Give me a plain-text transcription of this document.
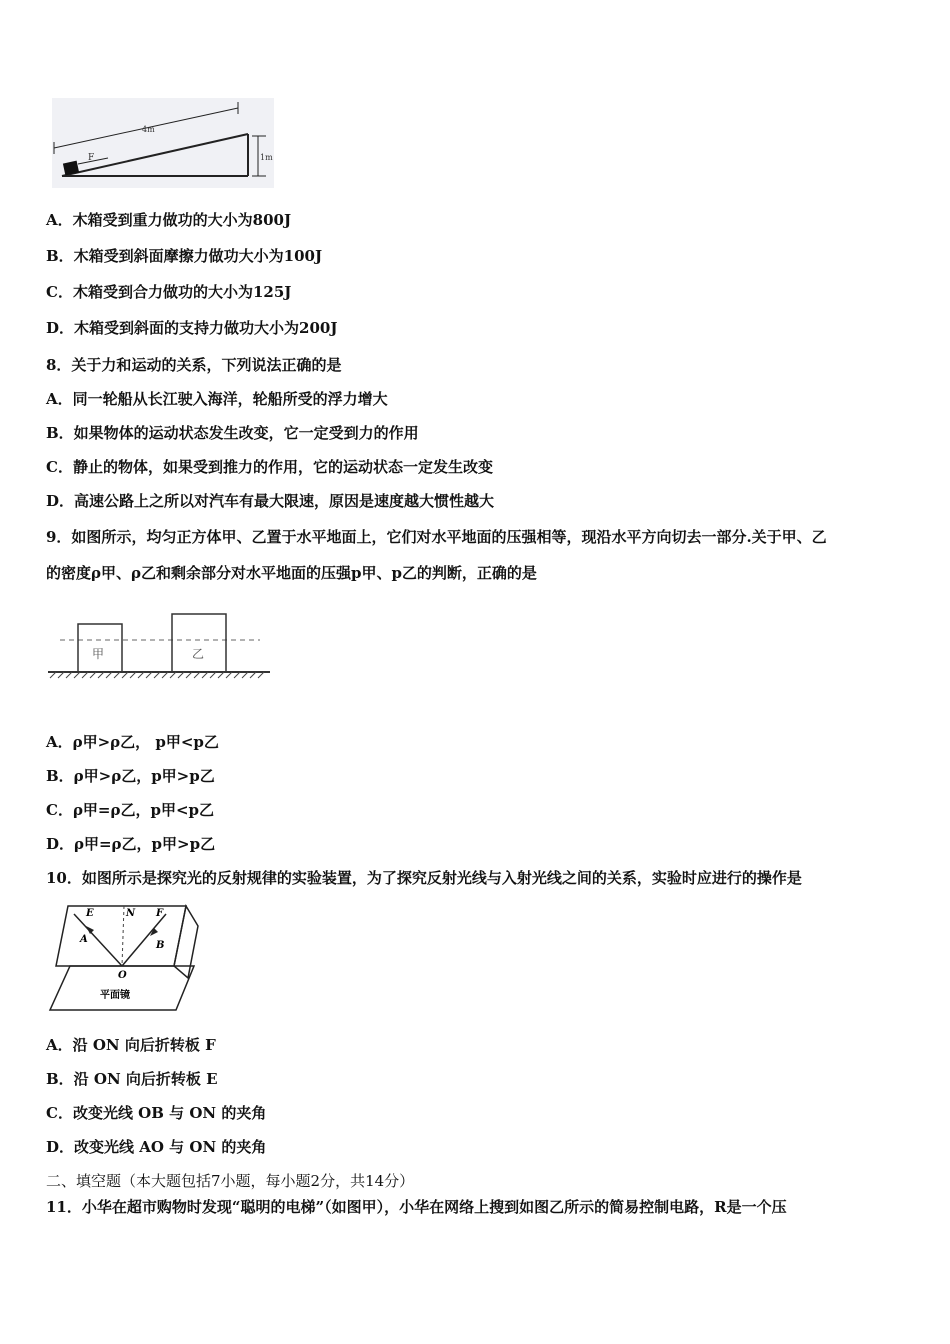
F
4m
1m
A．木箱受到重力做功的大小为800J
B．木箱受到斜面摩擦力做功大小为100J
C．木箱受到合力做功的大小为125J
D．木箱受到斜面的支持力做功大小为200J
8．关于力和运动的关系，下列说法正确的是
A．同一轮船从长江驶入海洋，轮船所受的浮力增大
B．如果物体的运动状态发生改变，它一定受到力的作用
C．静止的物体，如果受到推力的作用，它的运动状态一定发生改变
D．高速公路上之所以对汽车有最大限速，原因是速度越大惯性越大
9．如图所示，均匀正方体甲、乙置于水平地面上，它们对水平地面的压强相等，现沿水平方向切去一部分.关于甲、乙
的密度ρ甲、ρ乙和剩余部分对水平地面的压强p甲、p乙的判断，正确的是
甲	乙
A．ρ甲>ρ乙， p甲<p乙
B．ρ甲>ρ乙，p甲>p乙
C．ρ甲=ρ乙，p甲<p乙
D．ρ甲=ρ乙，p甲>p乙
10．如图所示是探究光的反射规律的实验装置，为了探究反射光线与入射光线之间的关系，实验时应进行的操作是
E	N F
A
B
O
平面镜
A．沿 ON 向后折转板 F
B．沿 ON 向后折转板 E
C．改变光线 OB 与 ON 的夹角
D．改变光线 AO 与 ON 的夹角
二、填空题（本大题包括7小题，每小题2分，共14分）
11．小华在超市购物时发现“聪明的电梯”（如图甲），小华在网络上搜到如图乙所示的简易控制电路，R是一个压
